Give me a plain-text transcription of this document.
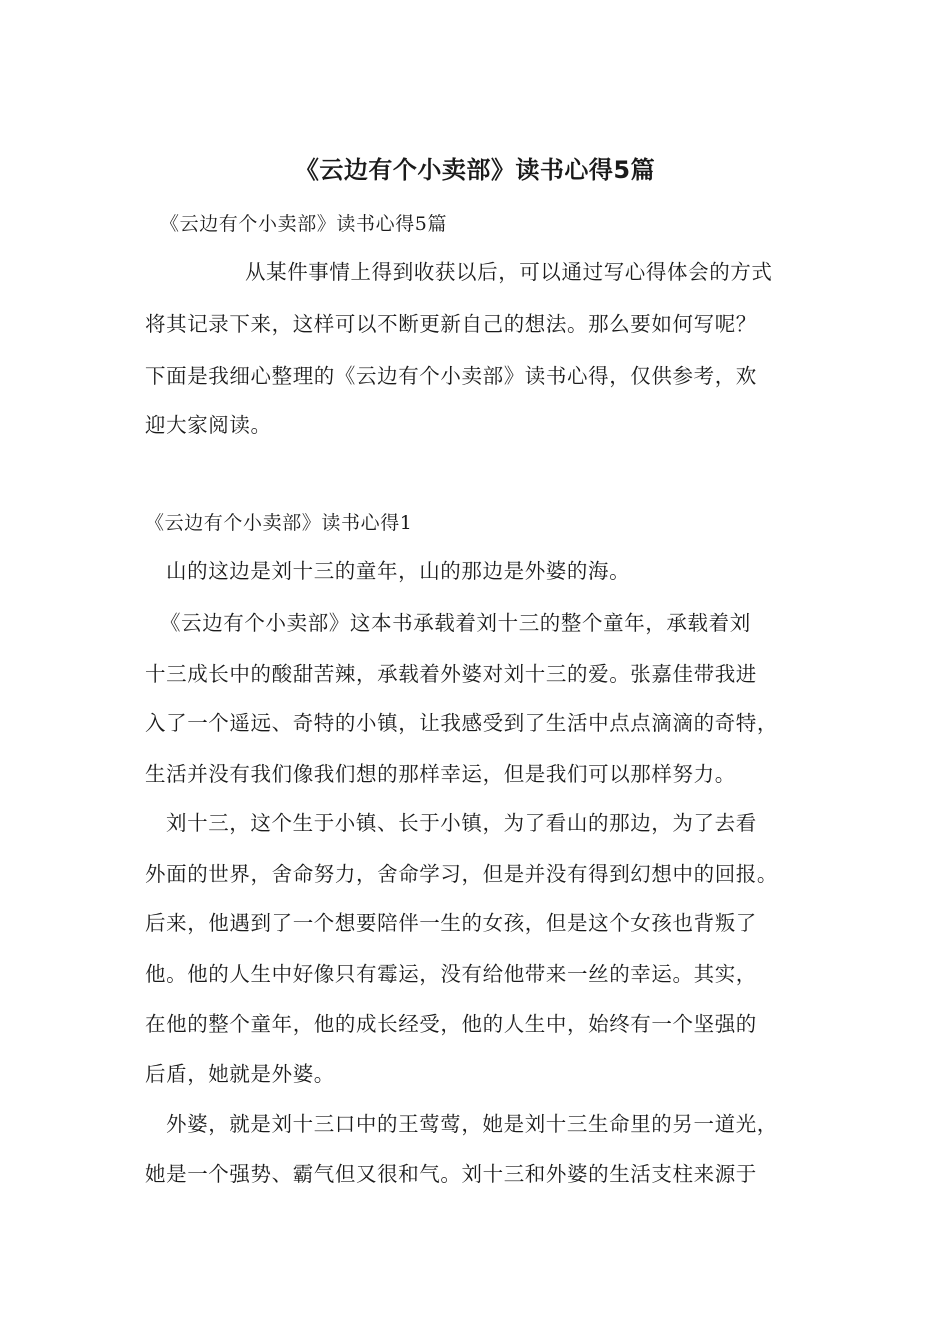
《云边有个小卖部》读书心得5篇
《云边有个小卖部》读书心得5篇
从某件事情上得到收获以后，可以通过写心得体会的方式
将其记录下来，这样可以不断更新自己的想法。那么要如何写呢？
下面是我细心整理的《云边有个小卖部》读书心得，仅供参考，欢
迎大家阅读。
《云边有个小卖部》读书心得1
山的这边是刘十三的童年，山的那边是外婆的海。
《云边有个小卖部》这本书承载着刘十三的整个童年，承载着刘
十三成长中的酸甜苦辣，承载着外婆对刘十三的爱。张嘉佳带我进
入了一个遥远、奇特的小镇，让我感受到了生活中点点滴滴的奇特，
生活并没有我们像我们想的那样幸运，但是我们可以那样努力。
刘十三，这个生于小镇、长于小镇，为了看山的那边，为了去看
外面的世界，舍命努力，舍命学习，但是并没有得到幻想中的回报。
后来，他遇到了一个想要陪伴一生的女孩，但是这个女孩也背叛了
他。他的人生中好像只有霉运，没有给他带来一丝的幸运。其实，
在他的整个童年，他的成长经受，他的人生中，始终有一个坚强的
后盾，她就是外婆。
外婆，就是刘十三口中的王莺莺，她是刘十三生命里的另一道光，
她是一个强势、霸气但又很和气。刘十三和外婆的生活支柱来源于
